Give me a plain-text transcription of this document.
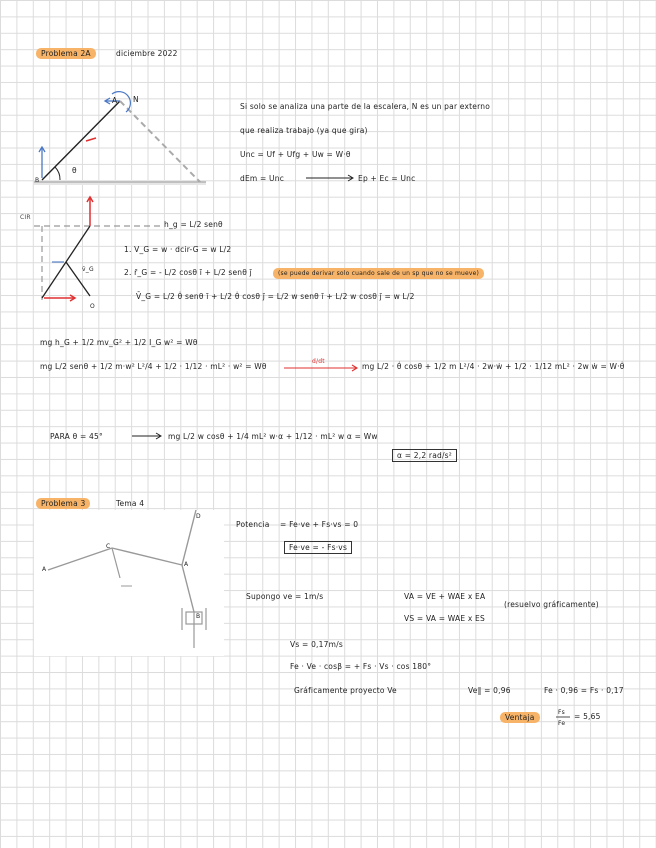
Problema 2A	diciembre 2022
A N
B
θ
Si solo se analiza una parte de la escalera, N es un par externo
que realiza trabajo (ya que gira)
Unc = Uf + Ufg + Uw = W·θ
dEm = Unc	Ep + Ec = Unc
CIR
O
v̄_G
h_g = L/2 senθ
1. V_G = w · dcir-G = w L/2
2. r̄_G = - L/2 cosθ ī + L/2 senθ j̄	(se puede derivar solo cuando sale de un sp que no se mueve)
V̄_G = L/2 θ̇ senθ ī + L/2 θ̇ cosθ j̄ = L/2 w senθ ī + L/2 w cosθ j̄ = w L/2
mg h_G + 1/2 mv_G² + 1/2 I_G w² = Wθ
mg L/2 senθ + 1/2 m·w² L²/4 + 1/2 · 1/12 · mL² · w² = Wθ
d/dt
mg L/2 · θ̇ cosθ + 1/2 m L²/4 · 2w·ẇ + 1/2 · 1/12 mL² · 2w ẇ = W·θ̇
PARA θ = 45°	mg L/2 w cosθ + 1/4 mL² w·α + 1/12 · mL² w α = Ww
α = 2,2 rad/s²
Problema 3	Tema 4
A
C
A
D
B
Potencia = Fe·ve + Fs·vs = 0
Fe·ve = - Fs·vs
Supongo ve = 1m/s	VA = VE + WAE x EA
(resuelvo gráficamente)
VS = VA = WAE x ES
Vs = 0,17m/s
Fe · Ve · cosβ = + Fs · Vs · cos 180°
Gráficamente proyecto Ve	Ve‖ = 0,96	Fe · 0,96 = Fs · 0,17
Ventaja
Fs
Fe
= 5,65
